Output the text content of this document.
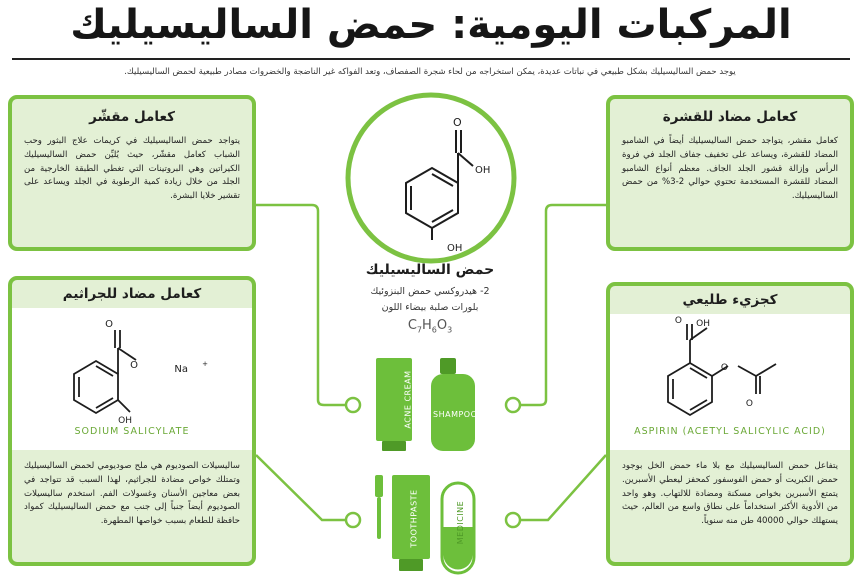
المركبات اليومية: حمض الساليسيليك
يوجد حمض الساليسيليك بشكل طبيعي في نباتات عديدة، يمكن استخراجه من لحاء شجرة الصفصاف، وتعد الفواكه غير الناضجة والخضروات مصادر طبيعية لحمض الساليسيليك.
O
OH
OH
حمض الساليسيليك
2- هيدروكسي حمض البنزوئيك
بلورات صلبة بيضاء اللون
$C_7H_6O_3$
ACNE CREAM	SHAMPOO
TOOTHPASTE	MEDICINE
كعامل مقشّر
يتواجد حمض الساليسيليك في كريمات علاج البثور وحب الشباب كعامل مقشّر، حيث يُليِّن حمض الساليسيليك الكيراتين وهي البروتينات التي تغطي الطبقة الخارجية من الجلد من خلال زيادة كمية الرطوبة في الجلد ويساعد على تقشير خلايا البشرة.
كعامل مضاد للقشرة
كعامل مقشر، يتواجد حمض الساليسيليك أيضاً في الشامبو المضاد للقشرة، ويساعد على تخفيف جفاف الجلد في فروة الرأس وإزالة قشور الجلد الجاف. معظم أنواع الشامبو المضاد للقشرة المستخدمة تحتوي حوالي 2-3% من حمض الساليسيليك.
كعامل مضاد للجراثيم
O
O
OH
Na +
SODIUM SALICYLATE
ساليسيلات الصوديوم هي ملح صوديومي لحمض الساليسيليك وتمتلك خواص مضادة للجراثيم، لهذا السبب قد تتواجد في بعض معاجين الأسنان وغسولات الفم. استخدم ساليسيلات الصوديوم أيضاً جنباً إلى جنب مع حمض الساليسيليك كمواد حافظة للطعام بسبب خواصها المطهرة.
كجزيء طليعي
O OH
O
O
ASPIRIN (ACETYL SALICYLIC ACID)
يتفاعل حمض الساليسيليك مع بلا ماء حمض الخل بوجود حمض الكبريت أو حمض الفوسفور كمحفز ليعطي الأسبرين. يتمتع الأسبرين بخواص مسكنة ومضادة للالتهاب. وهو واحد من الأدوية الأكثر استخداماً على نطاق واسع من العالم، حيث يستهلك حوالي 40000 طن منه سنوياً.
